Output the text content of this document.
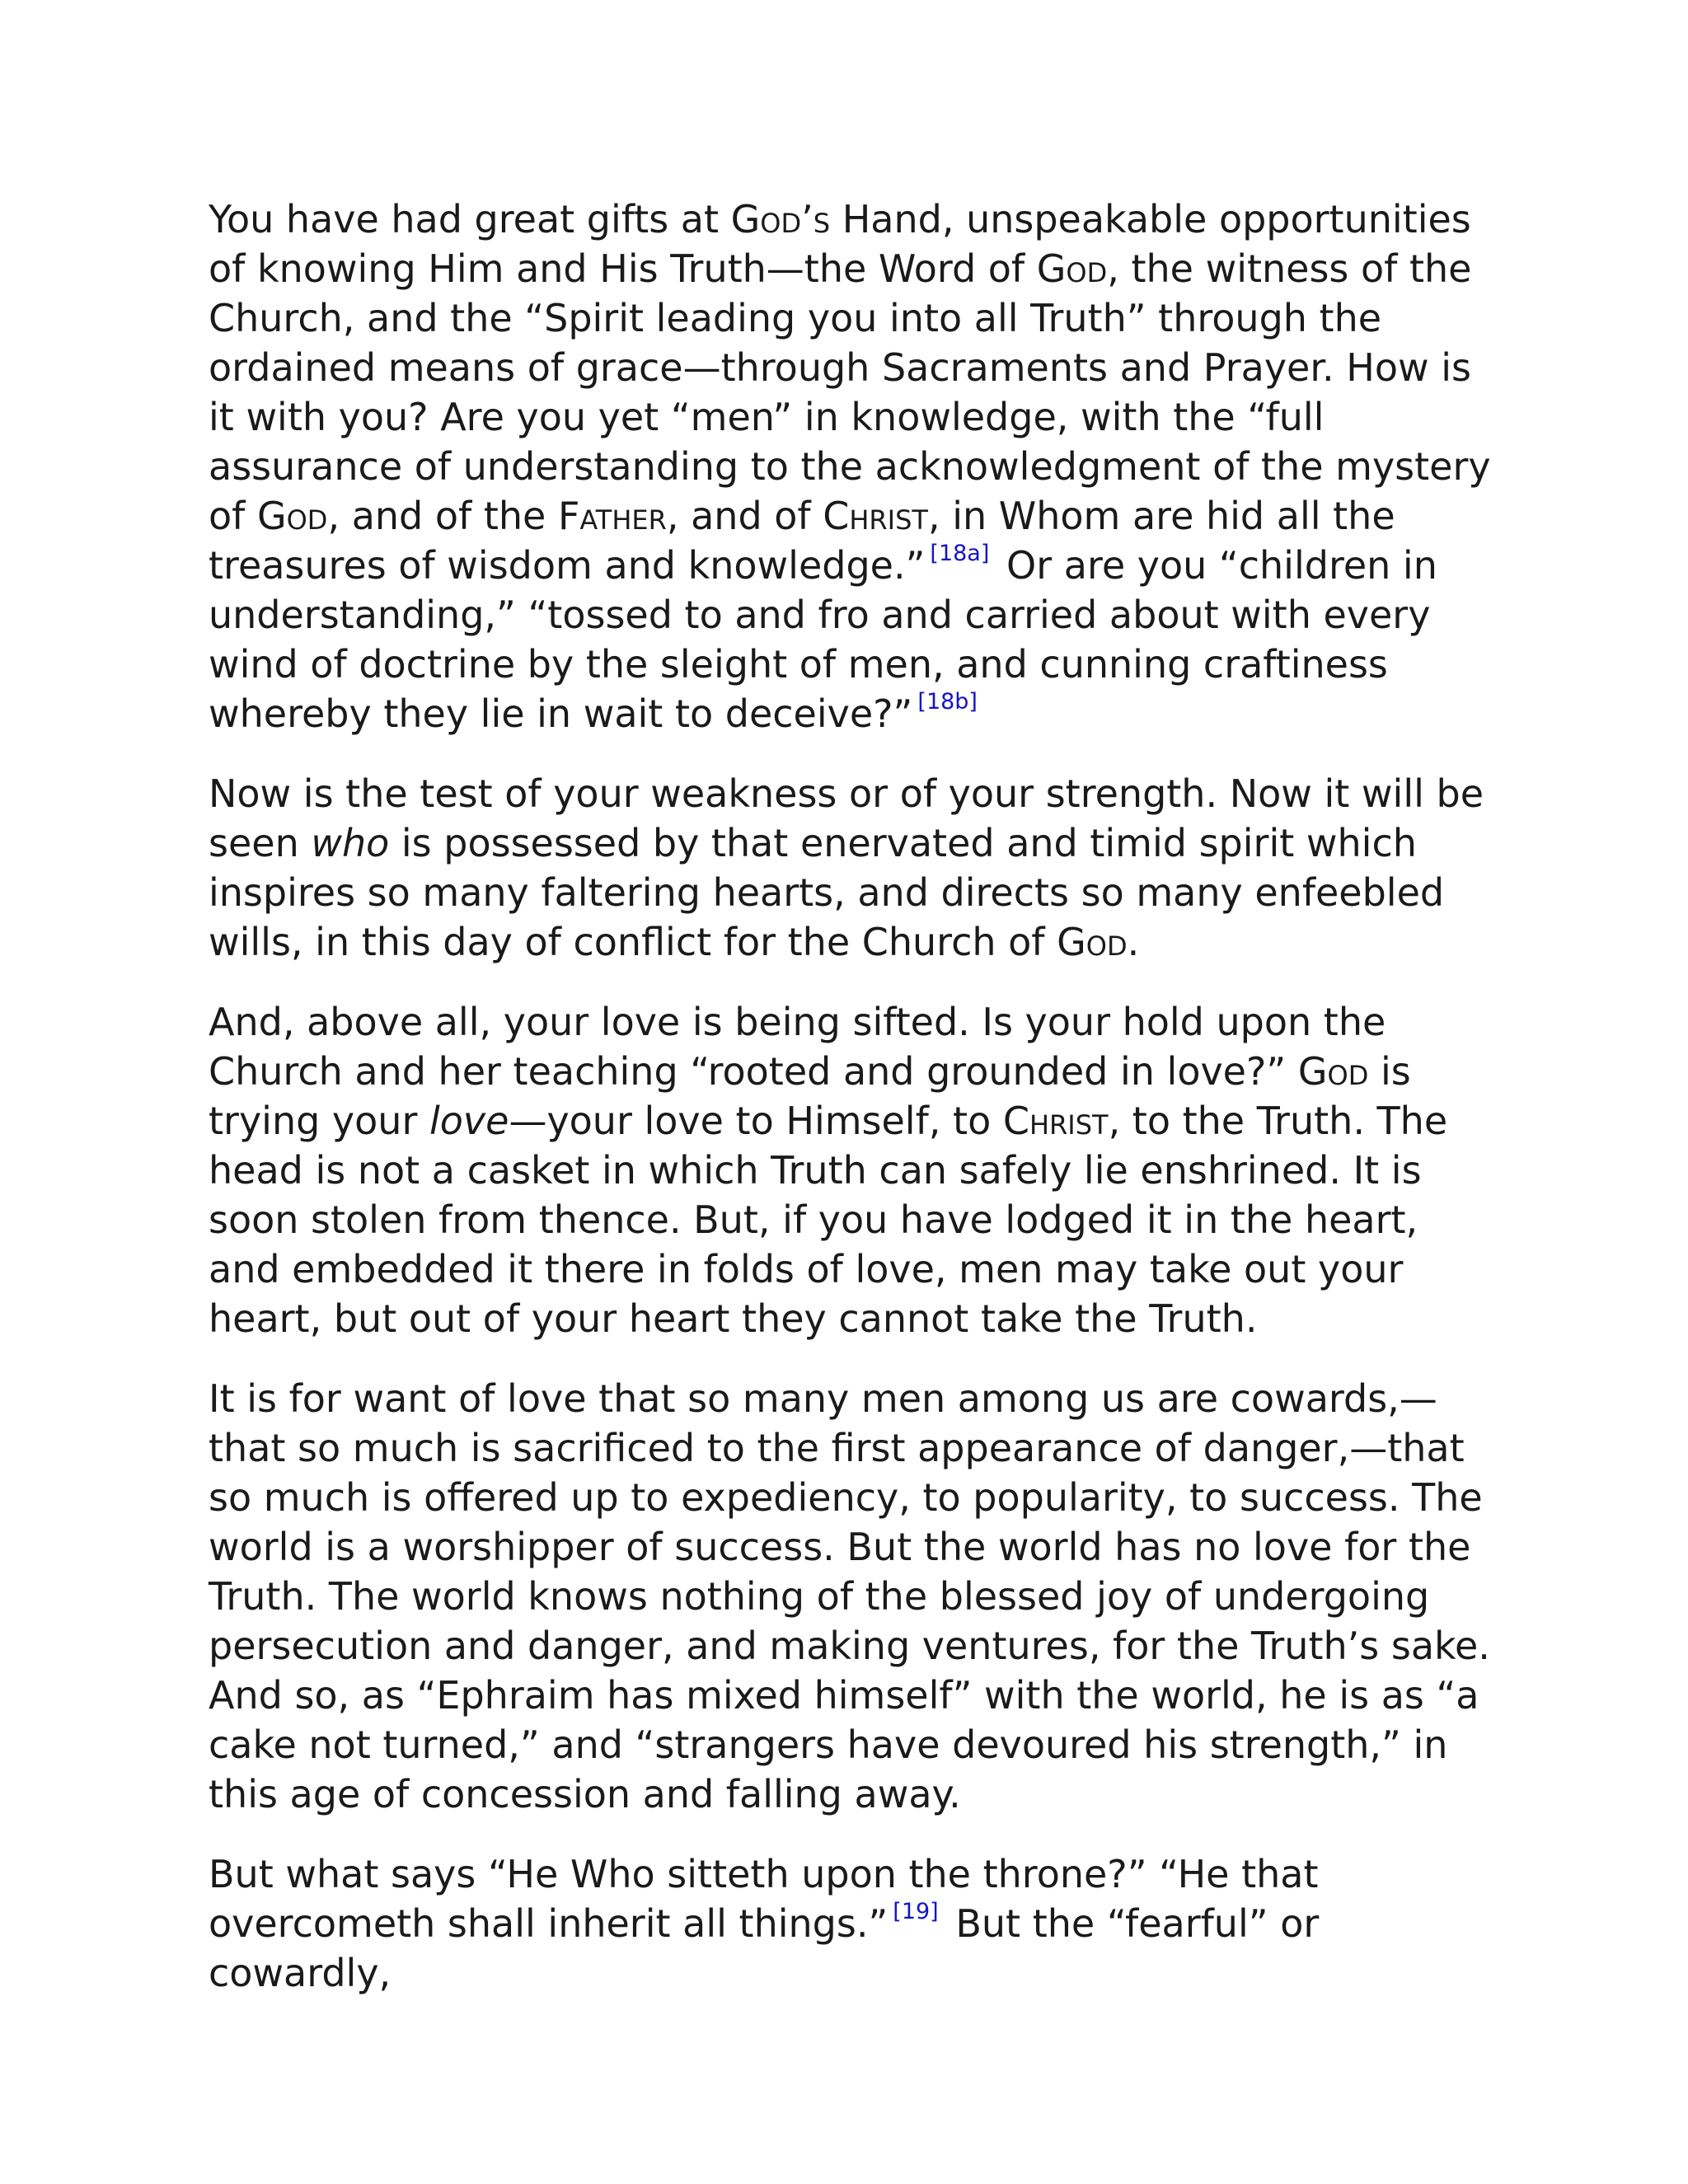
You have had great gifts at God’s Hand, unspeakable opportunities of knowing Him and His Truth—the Word of God, the witness of the Church, and the “Spirit leading you into all Truth” through the ordained means of grace—through Sacraments and Prayer. How is it with you? Are you yet “men” in knowledge, with the “full assurance of understanding to the acknowledgment of the mystery of God, and of the Father, and of Christ, in Whom are hid all the treasures of wisdom and knowledge.” [18a] Or are you “children in understanding,” “tossed to and fro and carried about with every wind of doctrine by the sleight of men, and cunning craftiness whereby they lie in wait to deceive?” [18b]

Now is the test of your weakness or of your strength. Now it will be seen who is possessed by that enervated and timid spirit which inspires so many faltering hearts, and directs so many enfeebled wills, in this day of conflict for the Church of God.

And, above all, your love is being sifted. Is your hold upon the Church and her teaching “rooted and grounded in love?” God is trying your love—your love to Himself, to Christ, to the Truth. The head is not a casket in which Truth can safely lie enshrined. It is soon stolen from thence. But, if you have lodged it in the heart, and embedded it there in folds of love, men may take out your heart, but out of your heart they cannot take the Truth.

It is for want of love that so many men among us are cowards,—that so much is sacrificed to the first appearance of danger,—that so much is offered up to expediency, to popularity, to success. The world is a worshipper of success. But the world has no love for the Truth. The world knows nothing of the blessed joy of undergoing persecution and danger, and making ventures, for the Truth’s sake. And so, as “Ephraim has mixed himself” with the world, he is as “a cake not turned,” and “strangers have devoured his strength,” in this age of concession and falling away.

But what says “He Who sitteth upon the throne?” “He that overcometh shall inherit all things.” [19] But the “fearful” or cowardly,
